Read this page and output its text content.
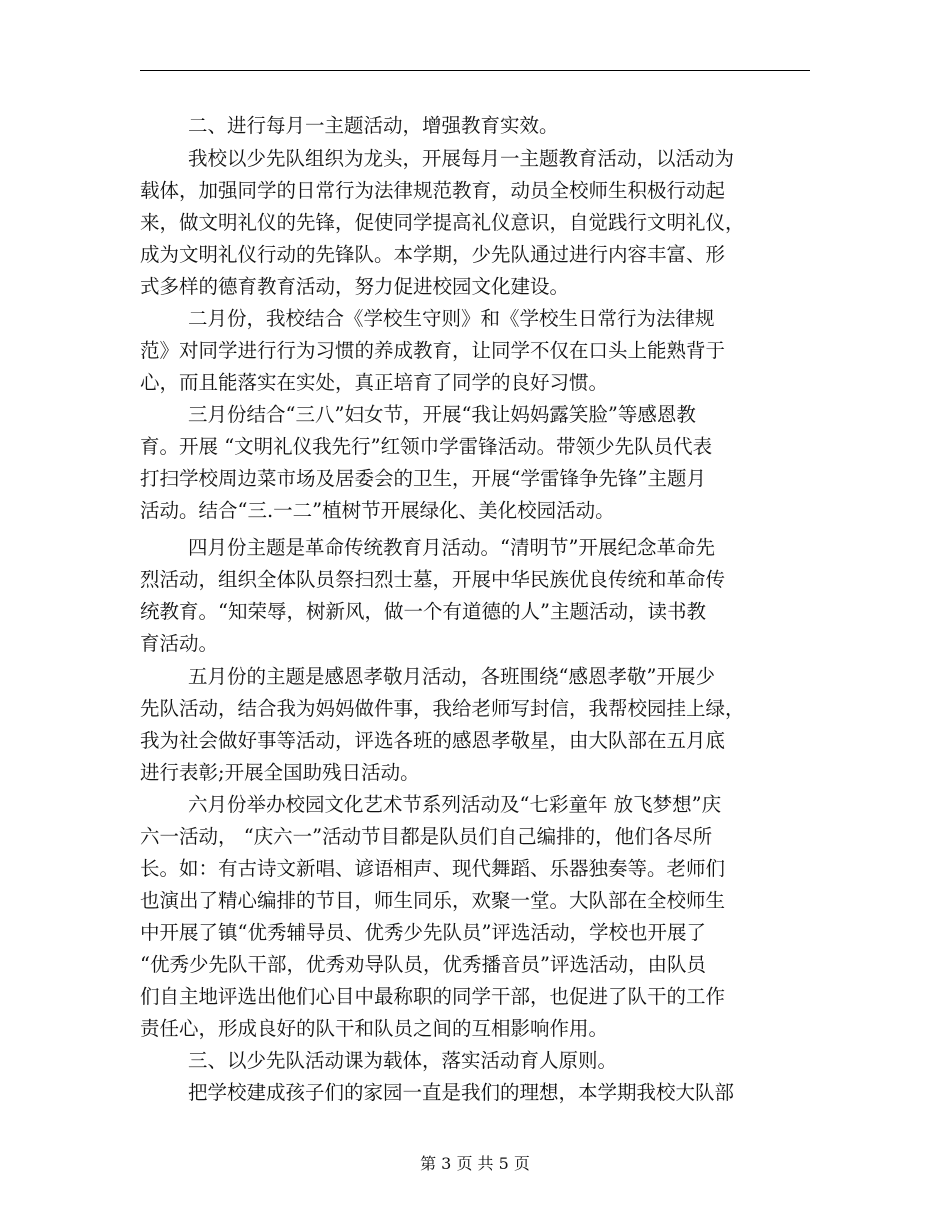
二、进行每月一主题活动，增强教育实效。
我校以少先队组织为龙头，开展每月一主题教育活动，以活动为
载体，加强同学的日常行为法律规范教育，动员全校师生积极行动起
来，做文明礼仪的先锋，促使同学提高礼仪意识，自觉践行文明礼仪，
成为文明礼仪行动的先锋队。本学期，少先队通过进行内容丰富、形
式多样的德育教育活动，努力促进校园文化建设。
二月份，我校结合《学校生守则》和《学校生日常行为法律规
范》对同学进行行为习惯的养成教育，让同学不仅在口头上能熟背于
心，而且能落实在实处，真正培育了同学的良好习惯。
三月份结合“三八”妇女节，开展“我让妈妈露笑脸”等感恩教
育。开展 “文明礼仪我先行”红领巾学雷锋活动。带领少先队员代表
打扫学校周边菜市场及居委会的卫生，开展“学雷锋争先锋”主题月
活动。结合“三.一二”植树节开展绿化、美化校园活动。
四月份主题是革命传统教育月活动。“清明节”开展纪念革命先
烈活动，组织全体队员祭扫烈士墓，开展中华民族优良传统和革命传
统教育。“知荣辱，树新风，做一个有道德的人”主题活动，读书教
育活动。
五月份的主题是感恩孝敬月活动，各班围绕“感恩孝敬”开展少
先队活动，结合我为妈妈做件事，我给老师写封信，我帮校园挂上绿，
我为社会做好事等活动，评选各班的感恩孝敬星，由大队部在五月底
进行表彰;开展全国助残日活动。
六月份举办校园文化艺术节系列活动及“七彩童年 放飞梦想”庆
六一活动， “庆六一”活动节目都是队员们自己编排的，他们各尽所
长。如：有古诗文新唱、谚语相声、现代舞蹈、乐器独奏等。老师们
也演出了精心编排的节目，师生同乐，欢聚一堂。大队部在全校师生
中开展了镇“优秀辅导员、优秀少先队员”评选活动，学校也开展了
“优秀少先队干部，优秀劝导队员，优秀播音员”评选活动，由队员
们自主地评选出他们心目中最称职的同学干部，也促进了队干的工作
责任心，形成良好的队干和队员之间的互相影响作用。
三、以少先队活动课为载体，落实活动育人原则。
把学校建成孩子们的家园一直是我们的理想，本学期我校大队部
第 3 页 共 5 页
